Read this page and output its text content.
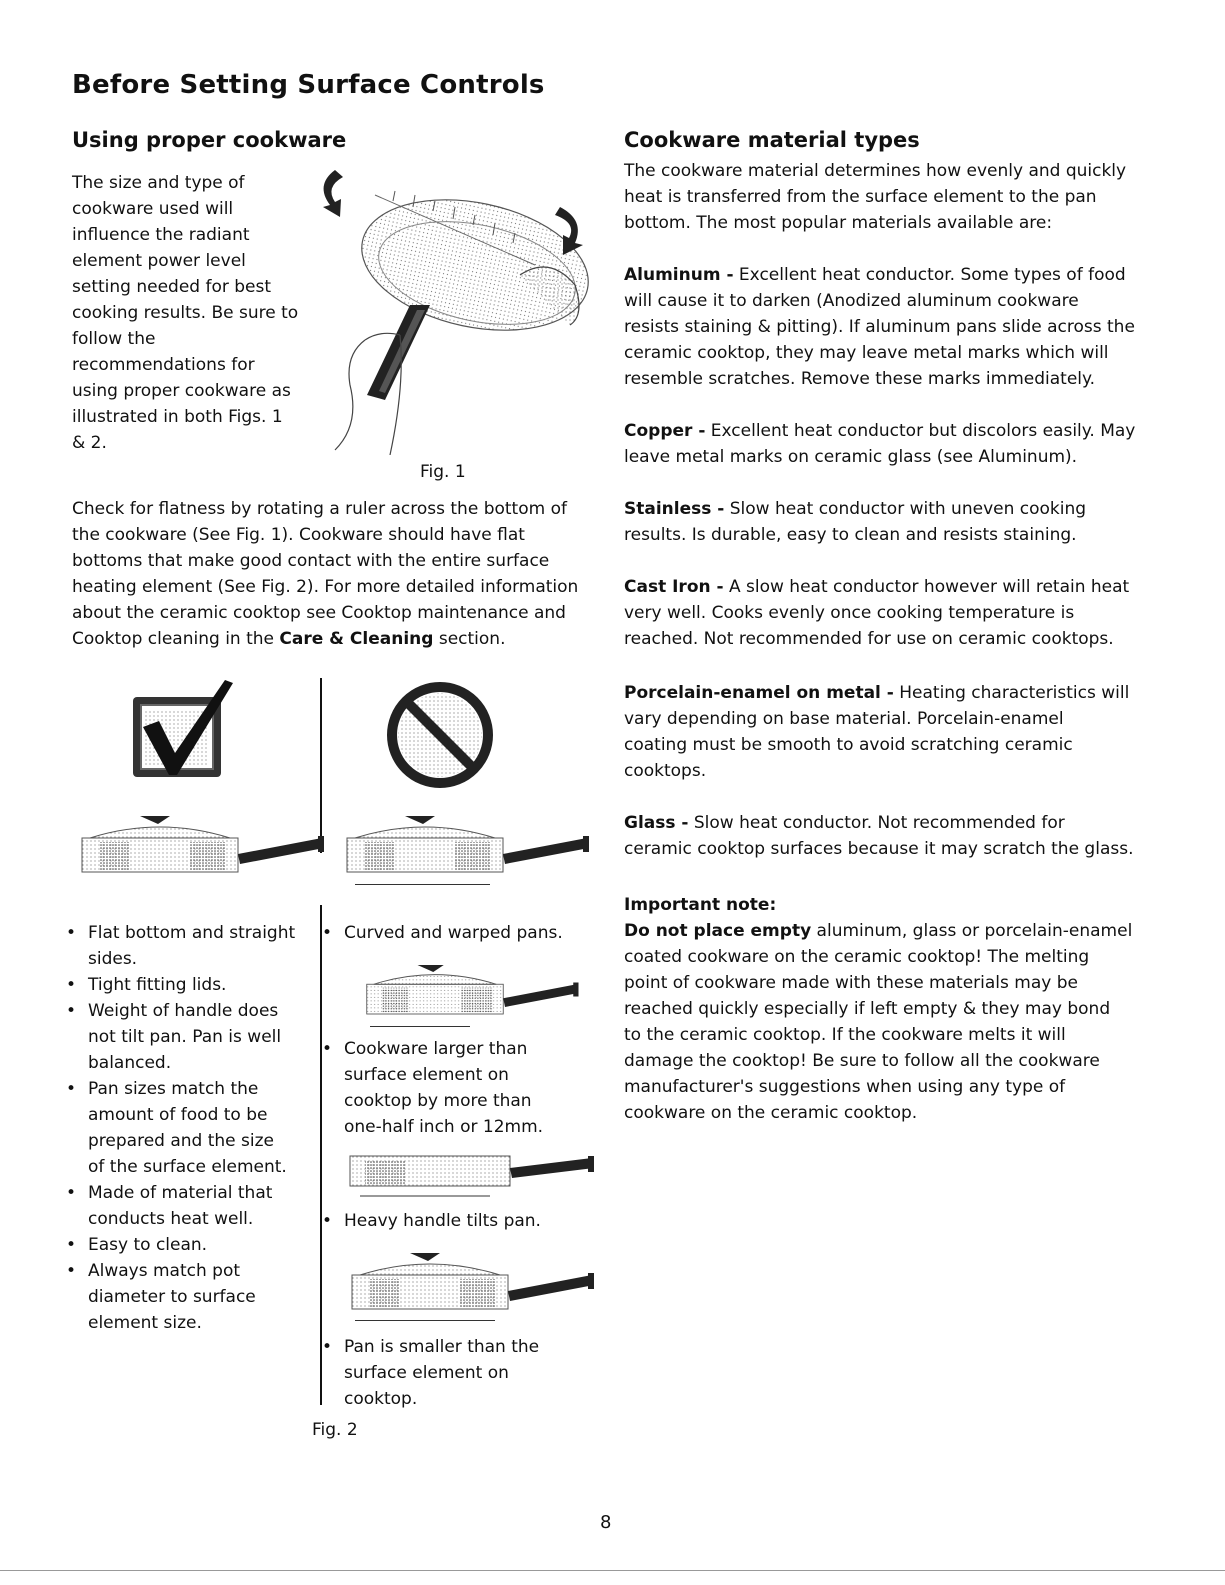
Before Setting Surface Controls
Using proper cookware

The size and type of

cookware used will

influence the radiant

element power level

setting needed for best

cooking results. Be sure to

follow the

recommendations for

using proper cookware as

illustrated in both Figs. 1

& 2.

Fig. 1

Check for flatness by rotating a ruler across the bottom of

the cookware (See Fig. 1). Cookware should have flat

bottoms that make good contact with the entire surface

heating element (See Fig. 2). For more detailed information

about the ceramic cooktop see Cooktop maintenance and

Cooktop cleaning in the Care & Cleaning section.

• Flat bottom and straight
sides.
• Tight fitting lids.
• Weight of handle does
not tilt pan. Pan is well
balanced.
• Pan sizes match the
amount of food to be
prepared and the size
of the surface element.
• Made of material that
conducts heat well.
• Easy to clean.
• Always match pot
diameter to surface
element size.
• Curved and warped pans.
• Cookware larger than
surface element on
cooktop by more than
one-half inch or 12mm.
• Heavy handle tilts pan.
• Pan is smaller than the
surface element on
cooktop.
Fig. 2
Cookware material types

The cookware material determines how evenly and quickly

heat is transferred from the surface element to the pan

bottom. The most popular materials available are:

Aluminum - Excellent heat conductor. Some types of food

will cause it to darken (Anodized aluminum cookware

resists staining & pitting). If aluminum pans slide across the

ceramic cooktop, they may leave metal marks which will

resemble scratches. Remove these marks immediately.

Copper - Excellent heat conductor but discolors easily. May

leave metal marks on ceramic glass (see Aluminum).

Stainless - Slow heat conductor with uneven cooking

results. Is durable, easy to clean and resists staining.

Cast Iron - A slow heat conductor however will retain heat

very well. Cooks evenly once cooking temperature is

reached. Not recommended for use on ceramic cooktops.

Porcelain-enamel on metal - Heating characteristics will

vary depending on base material. Porcelain-enamel

coating must be smooth to avoid scratching ceramic

cooktops.

Glass - Slow heat conductor. Not recommended for

ceramic cooktop surfaces because it may scratch the glass.

Important note:

Do not place empty aluminum, glass or porcelain-enamel

coated cookware on the ceramic cooktop! The melting

point of cookware made with these materials may be

reached quickly especially if left empty & they may bond

to the ceramic cooktop. If the cookware melts it will

damage the cooktop! Be sure to follow all the cookware

manufacturer's suggestions when using any type of

cookware on the ceramic cooktop.

8
